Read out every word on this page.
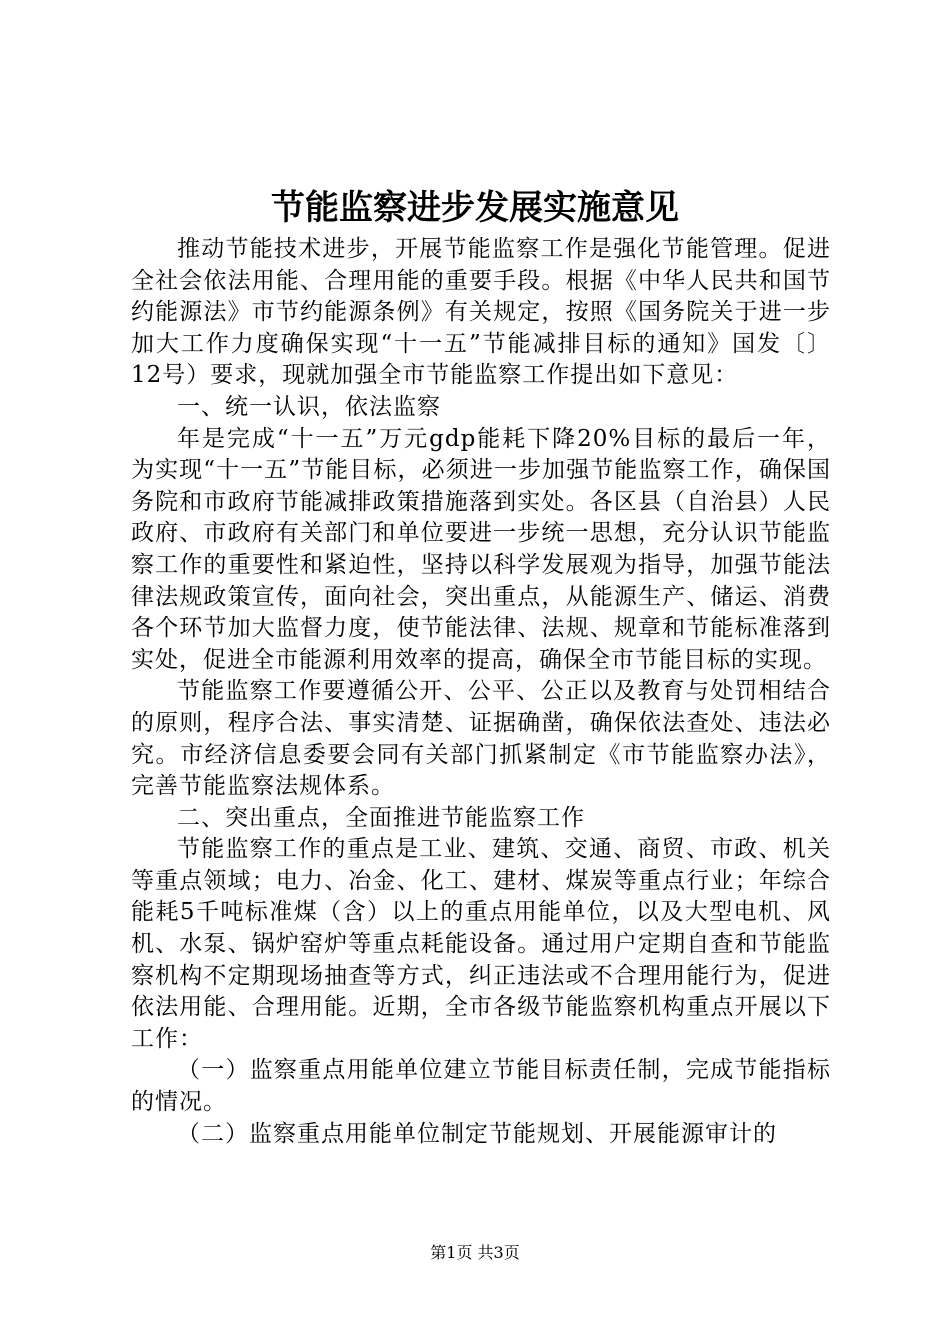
节能监察进步发展实施意见

推动节能技术进步，开展节能监察工作是强化节能管理。促进全社会依法用能、合理用能的重要手段。根据《中华人民共和国节约能源法》市节约能源条例》有关规定，按照《国务院关于进一步加大工作力度确保实现“十一五”节能减排目标的通知》国发〔〕12号）要求，现就加强全市节能监察工作提出如下意见：

一、统一认识，依法监察

年是完成“十一五”万元gdp能耗下降20%目标的最后一年，为实现“十一五”节能目标，必须进一步加强节能监察工作，确保国务院和市政府节能减排政策措施落到实处。各区县（自治县）人民政府、市政府有关部门和单位要进一步统一思想，充分认识节能监察工作的重要性和紧迫性，坚持以科学发展观为指导，加强节能法律法规政策宣传，面向社会，突出重点，从能源生产、储运、消费各个环节加大监督力度，使节能法律、法规、规章和节能标准落到实处，促进全市能源利用效率的提高，确保全市节能目标的实现。

节能监察工作要遵循公开、公平、公正以及教育与处罚相结合的原则，程序合法、事实清楚、证据确凿，确保依法查处、违法必究。市经济信息委要会同有关部门抓紧制定《市节能监察办法》，完善节能监察法规体系。

二、突出重点，全面推进节能监察工作

节能监察工作的重点是工业、建筑、交通、商贸、市政、机关等重点领域；电力、冶金、化工、建材、煤炭等重点行业；年综合能耗5千吨标准煤（含）以上的重点用能单位，以及大型电机、风机、水泵、锅炉窑炉等重点耗能设备。通过用户定期自查和节能监察机构不定期现场抽查等方式，纠正违法或不合理用能行为，促进依法用能、合理用能。近期，全市各级节能监察机构重点开展以下工作：

（一）监察重点用能单位建立节能目标责任制，完成节能指标的情况。

（二）监察重点用能单位制定节能规划、开展能源审计的

第1页 共3页
